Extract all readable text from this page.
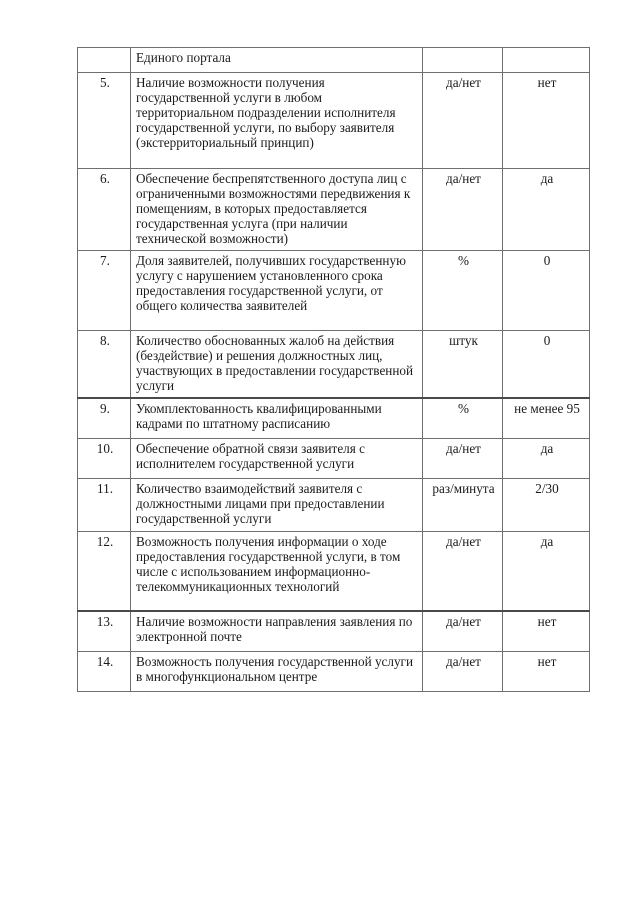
	Единого портала		
5.	Наличие возможности получения государственной услуги в любом территориальном подразделении исполнителя государственной услуги, по выбору заявителя (экстерриториальный принцип)	да/нет	нет
6.	Обеспечение беспрепятственного доступа лиц с ограниченными возможностями передвижения к помещениям, в которых предоставляется государственная услуга (при наличии технической возможности)	да/нет	да
7.	Доля заявителей, получивших государственную услугу с нарушением установленного срока предоставления государственной услуги, от общего количества заявителей	%	0
8.	Количество обоснованных жалоб на действия (бездействие) и решения должностных лиц, участвующих в предоставлении государственной услуги	штук	0
9.	Укомплектованность квалифицированными кадрами по штатному расписанию	%	не менее 95
10.	Обеспечение обратной связи заявителя с исполнителем государственной услуги	да/нет	да
11.	Количество взаимодействий заявителя с должностными лицами при предоставлении государственной услуги	раз/минута	2/30
12.	Возможность получения информации о ходе предоставления государственной услуги, в том числе с использованием информационно-телекоммуникационных технологий	да/нет	да
13.	Наличие возможности направления заявления по электронной почте	да/нет	нет
14.	Возможность получения государственной услуги в многофункциональном центре	да/нет	нет
